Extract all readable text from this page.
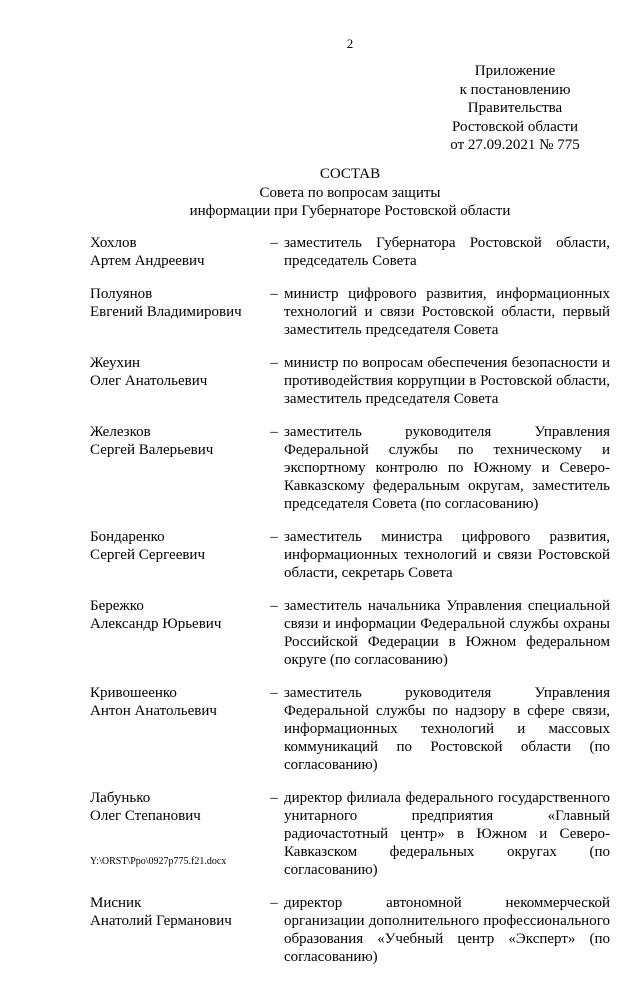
2
Приложение
к постановлению
Правительства
Ростовской области
от 27.09.2021 № 775
СОСТАВ
Совета по вопросам защиты
информации при Губернаторе Ростовской области
Хохлов
Артем Андреевич
– заместитель Губернатора Ростовской области, председатель Совета
Полуянов
Евгений Владимирович
– министр цифрового развития, информационных технологий и связи Ростовской области, первый заместитель председателя Совета
Жеухин
Олег Анатольевич
– министр по вопросам обеспечения безопасности и противодействия коррупции в Ростовской области, заместитель председателя Совета
Железков
Сергей Валерьевич
– заместитель руководителя Управления Федеральной службы по техническому и экспортному контролю по Южному и Северо-Кавказскому федеральным округам, заместитель председателя Совета (по согласованию)
Бондаренко
Сергей Сергеевич
– заместитель министра цифрового развития, информационных технологий и связи Ростовской области, секретарь Совета
Бережко
Александр Юрьевич
– заместитель начальника Управления специальной связи и информации Федеральной службы охраны Российской Федерации в Южном федеральном округе (по согласованию)
Кривошеенко
Антон Анатольевич
– заместитель руководителя Управления Федеральной службы по надзору в сфере связи, информационных технологий и массовых коммуникаций по Ростовской области (по согласованию)
Лабунько
Олег Степанович
– директор филиала федерального государственного унитарного предприятия «Главный радиочастотный центр» в Южном и Северо-Кавказском федеральных округах (по согласованию)
Мисник
Анатолий Германович
– директор автономной некоммерческой организации дополнительного профессионального образования «Учебный центр «Эксперт» (по согласованию)
Y:\ORST\Ppo\0927p775.f21.docx
